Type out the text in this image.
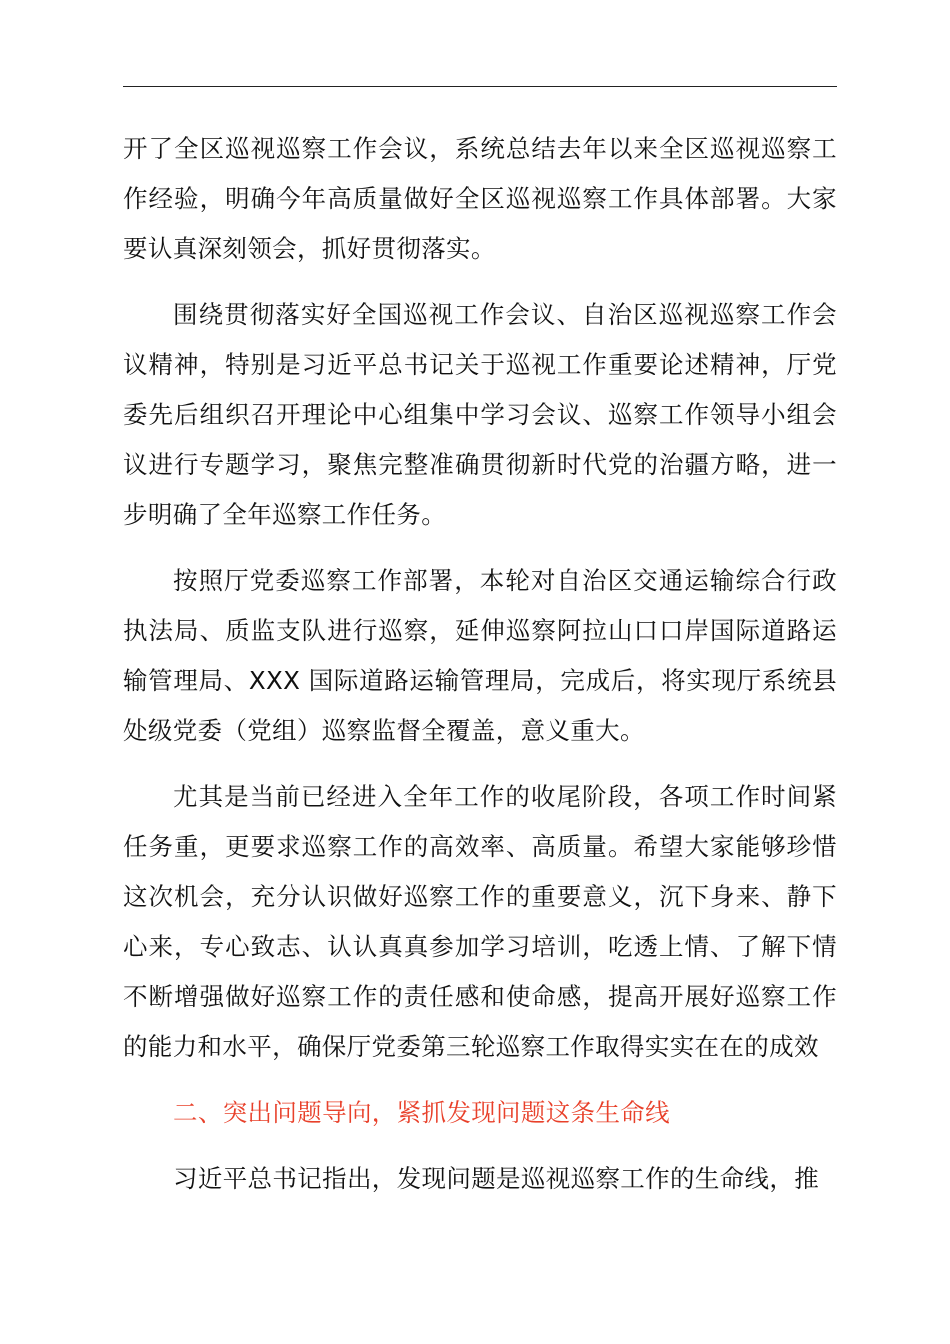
开了全区巡视巡察工作会议，系统总结去年以来全区巡视巡察工作经验，明确今年高质量做好全区巡视巡察工作具体部署。大家要认真深刻领会，抓好贯彻落实。

围绕贯彻落实好全国巡视工作会议、自治区巡视巡察工作会议精神，特别是习近平总书记关于巡视工作重要论述精神，厅党委先后组织召开理论中心组集中学习会议、巡察工作领导小组会议进行专题学习，聚焦完整准确贯彻新时代党的治疆方略，进一步明确了全年巡察工作任务。

按照厅党委巡察工作部署，本轮对自治区交通运输综合行政执法局、质监支队进行巡察，延伸巡察阿拉山口口岸国际道路运输管理局、XXX 国际道路运输管理局，完成后，将实现厅系统县处级党委（党组）巡察监督全覆盖，意义重大。

尤其是当前已经进入全年工作的收尾阶段，各项工作时间紧任务重，更要求巡察工作的高效率、高质量。希望大家能够珍惜这次机会，充分认识做好巡察工作的重要意义，沉下身来、静下心来，专心致志、认认真真参加学习培训，吃透上情、了解下情不断增强做好巡察工作的责任感和使命感，提高开展好巡察工作的能力和水平，确保厅党委第三轮巡察工作取得实实在在的成效

二、突出问题导向，紧抓发现问题这条生命线

习近平总书记指出，发现问题是巡视巡察工作的生命线，推
